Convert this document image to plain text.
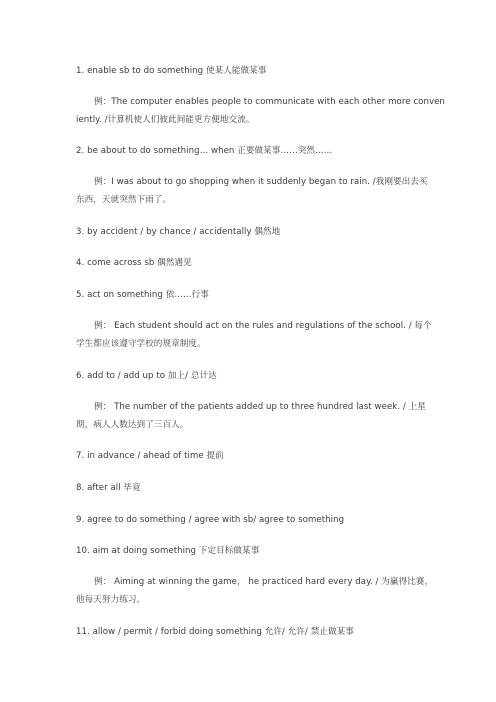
1. enable sb to do something 使某人能做某事
例：The computer enables people to communicate with each other more conven
iently. /计算机使人们彼此间能更方便地交流。
2. be about to do something… when 正要做某事……突然……
例：I was about to go shopping when it suddenly began to rain. /我刚要出去买
东西，天就突然下雨了。
3. by accident / by chance / accidentally 偶然地
4. come across sb 偶然遇见
5. act on something 依……行事
例： Each student should act on the rules and regulations of the school. / 每个
学生都应该遵守学校的规章制度。
6. add to / add up to 加上/ 总计达
例： The number of the patients added up to three hundred last week. / 上星
期，病人人数达到了三百人。
7. in advance / ahead of time 提前
8. after all 毕竟
9. agree to do something / agree with sb/ agree to something
10. aim at doing something 下定目标做某事
例： Aiming at winning the game， he practiced hard every day. / 为赢得比赛，
他每天努力练习。
11. allow / permit / forbid doing something 允许/ 允许/ 禁止做某事
